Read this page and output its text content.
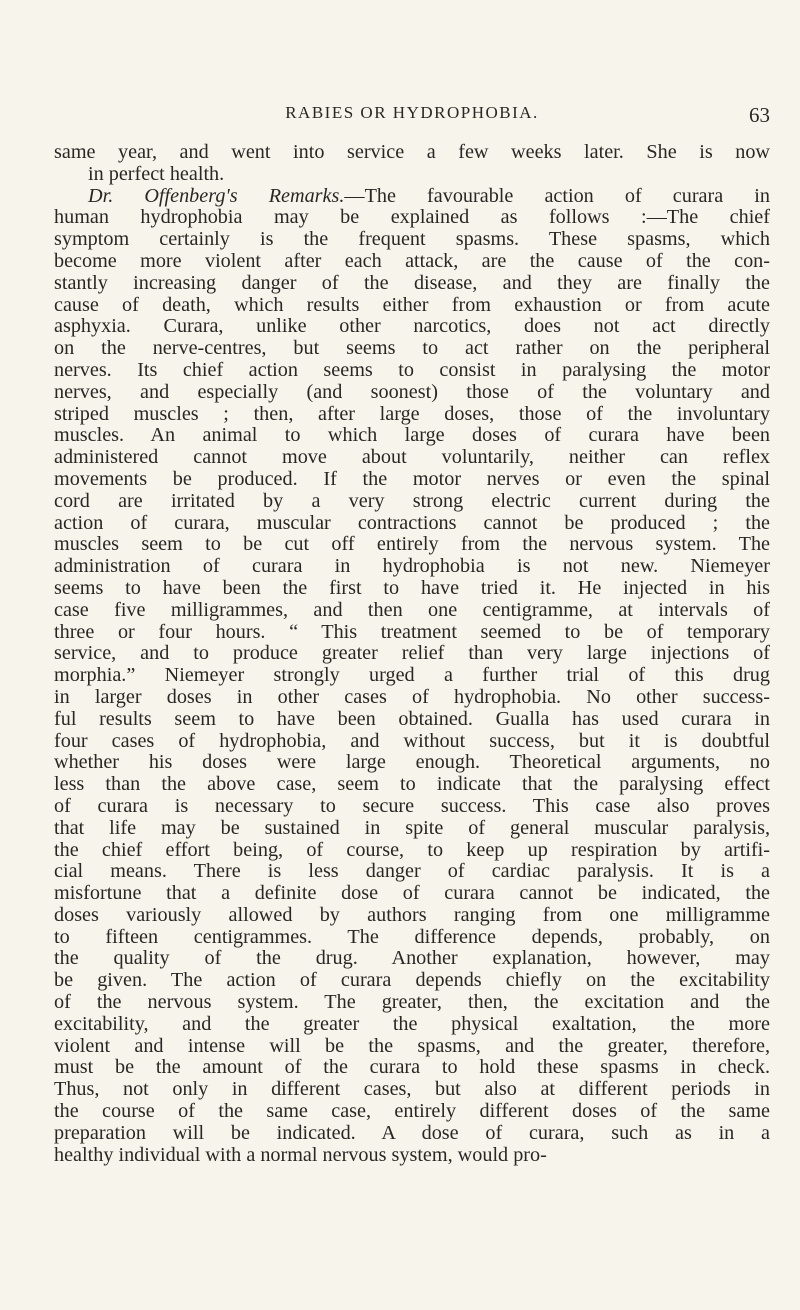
RABIES OR HYDROPHOBIA.	63
same year, and went into service a few weeks later. She is now
in perfect health.
Dr. Offenberg's Remarks.—The favourable action of curara in
human hydrophobia may be explained as follows :—The chief
symptom certainly is the frequent spasms. These spasms, which
become more violent after each attack, are the cause of the con-
stantly increasing danger of the disease, and they are finally the
cause of death, which results either from exhaustion or from acute
asphyxia. Curara, unlike other narcotics, does not act directly
on the nerve-centres, but seems to act rather on the peripheral
nerves. Its chief action seems to consist in paralysing the motor
nerves, and especially (and soonest) those of the voluntary and
striped muscles ; then, after large doses, those of the involuntary
muscles. An animal to which large doses of curara have been
administered cannot move about voluntarily, neither can reflex
movements be produced. If the motor nerves or even the spinal
cord are irritated by a very strong electric current during the
action of curara, muscular contractions cannot be produced ; the
muscles seem to be cut off entirely from the nervous system. The
administration of curara in hydrophobia is not new. Niemeyer
seems to have been the first to have tried it. He injected in his
case five milligrammes, and then one centigramme, at intervals of
three or four hours. “ This treatment seemed to be of temporary
service, and to produce greater relief than very large injections of
morphia.” Niemeyer strongly urged a further trial of this drug
in larger doses in other cases of hydrophobia. No other success-
ful results seem to have been obtained. Gualla has used curara in
four cases of hydrophobia, and without success, but it is doubtful
whether his doses were large enough. Theoretical arguments, no
less than the above case, seem to indicate that the paralysing effect
of curara is necessary to secure success. This case also proves
that life may be sustained in spite of general muscular paralysis,
the chief effort being, of course, to keep up respiration by artifi-
cial means. There is less danger of cardiac paralysis. It is a
misfortune that a definite dose of curara cannot be indicated, the
doses variously allowed by authors ranging from one milligramme
to fifteen centigrammes. The difference depends, probably, on
the quality of the drug. Another explanation, however, may
be given. The action of curara depends chiefly on the excitability
of the nervous system. The greater, then, the excitation and the
excitability, and the greater the physical exaltation, the more
violent and intense will be the spasms, and the greater, therefore,
must be the amount of the curara to hold these spasms in check.
Thus, not only in different cases, but also at different periods in
the course of the same case, entirely different doses of the same
preparation will be indicated. A dose of curara, such as in a
healthy individual with a normal nervous system, would pro-
